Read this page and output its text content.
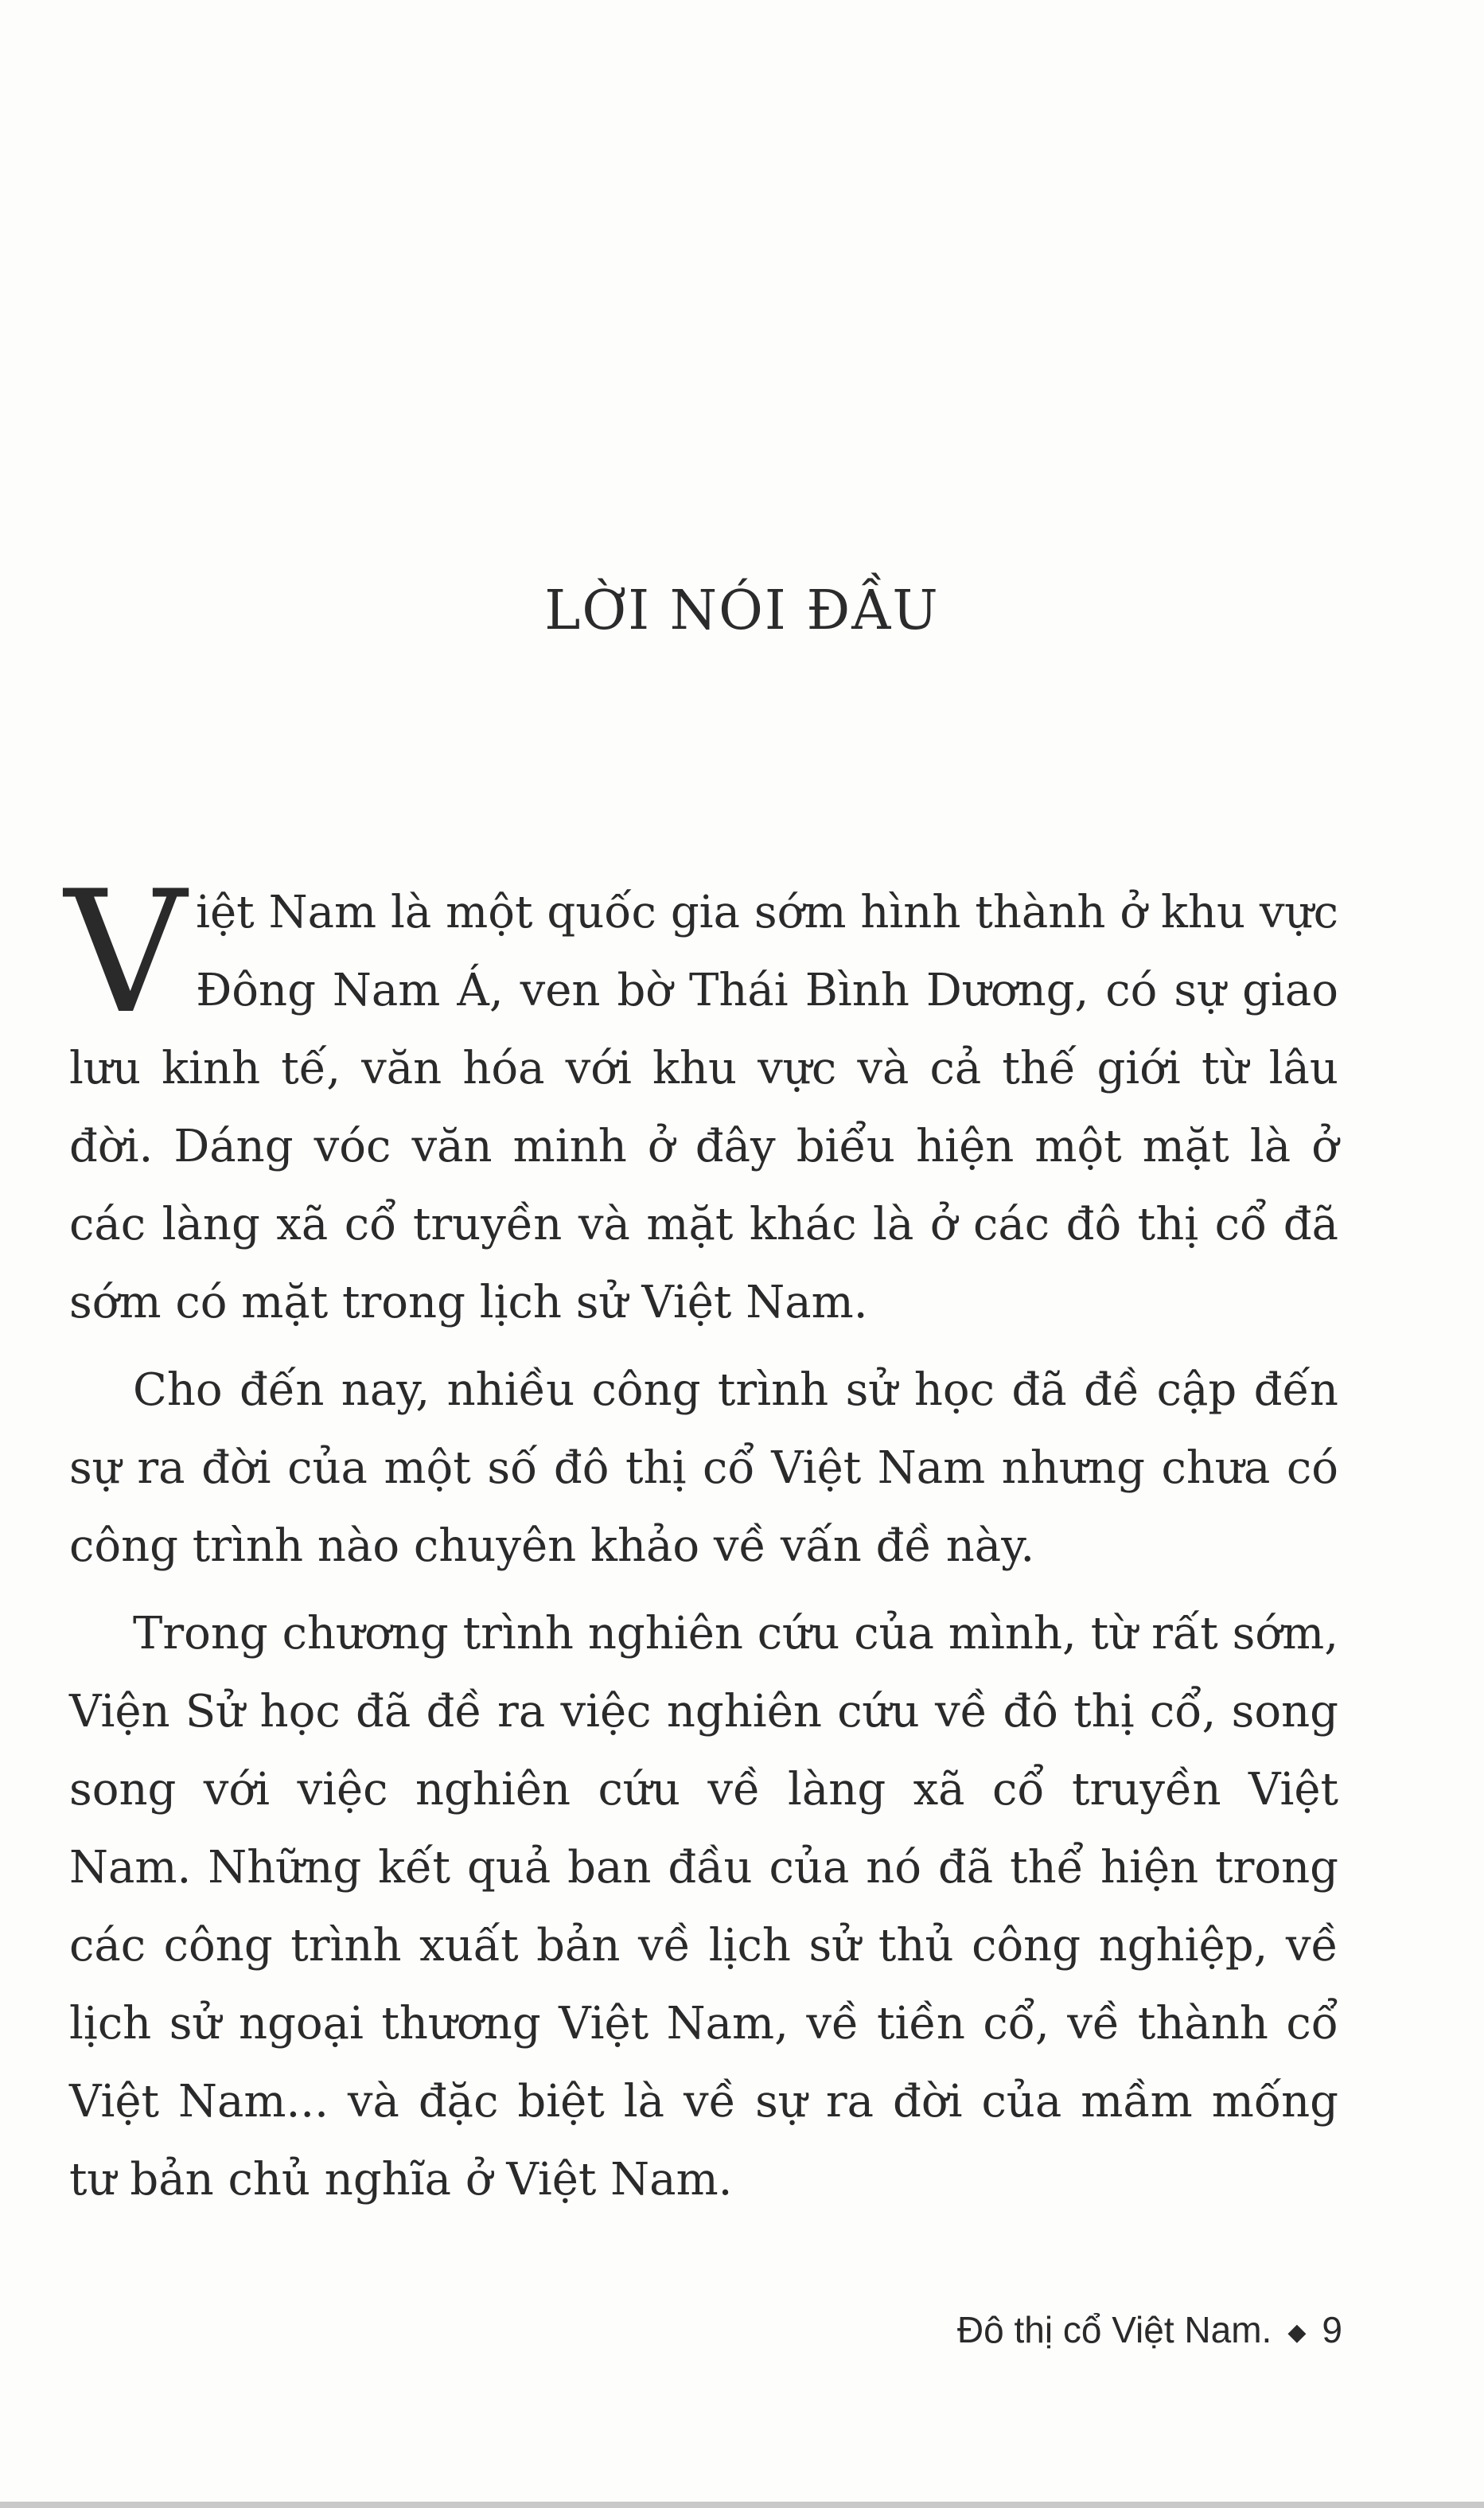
LỜI NÓI ĐẦU

Việt Nam là một quốc gia sớm hình thành ở khu vực Đông Nam Á, ven bờ Thái Bình Dương, có sự giao lưu kinh tế, văn hóa với khu vực và cả thế giới từ lâu đời. Dáng vóc văn minh ở đây biểu hiện một mặt là ở các làng xã cổ truyền và mặt khác là ở các đô thị cổ đã sớm có mặt trong lịch sử Việt Nam.

Cho đến nay, nhiều công trình sử học đã đề cập đến sự ra đời của một số đô thị cổ Việt Nam nhưng chưa có công trình nào chuyên khảo về vấn đề này.

Trong chương trình nghiên cứu của mình, từ rất sớm, Viện Sử học đã đề ra việc nghiên cứu về đô thị cổ, song song với việc nghiên cứu về làng xã cổ truyền Việt Nam. Những kết quả ban đầu của nó đã thể hiện trong các công trình xuất bản về lịch sử thủ công nghiệp, về lịch sử ngoại thương Việt Nam, về tiền cổ, về thành cổ Việt Nam... và đặc biệt là về sự ra đời của mầm mống tư bản chủ nghĩa ở Việt Nam.

Đô thị cổ Việt Nam. ◆ 9
